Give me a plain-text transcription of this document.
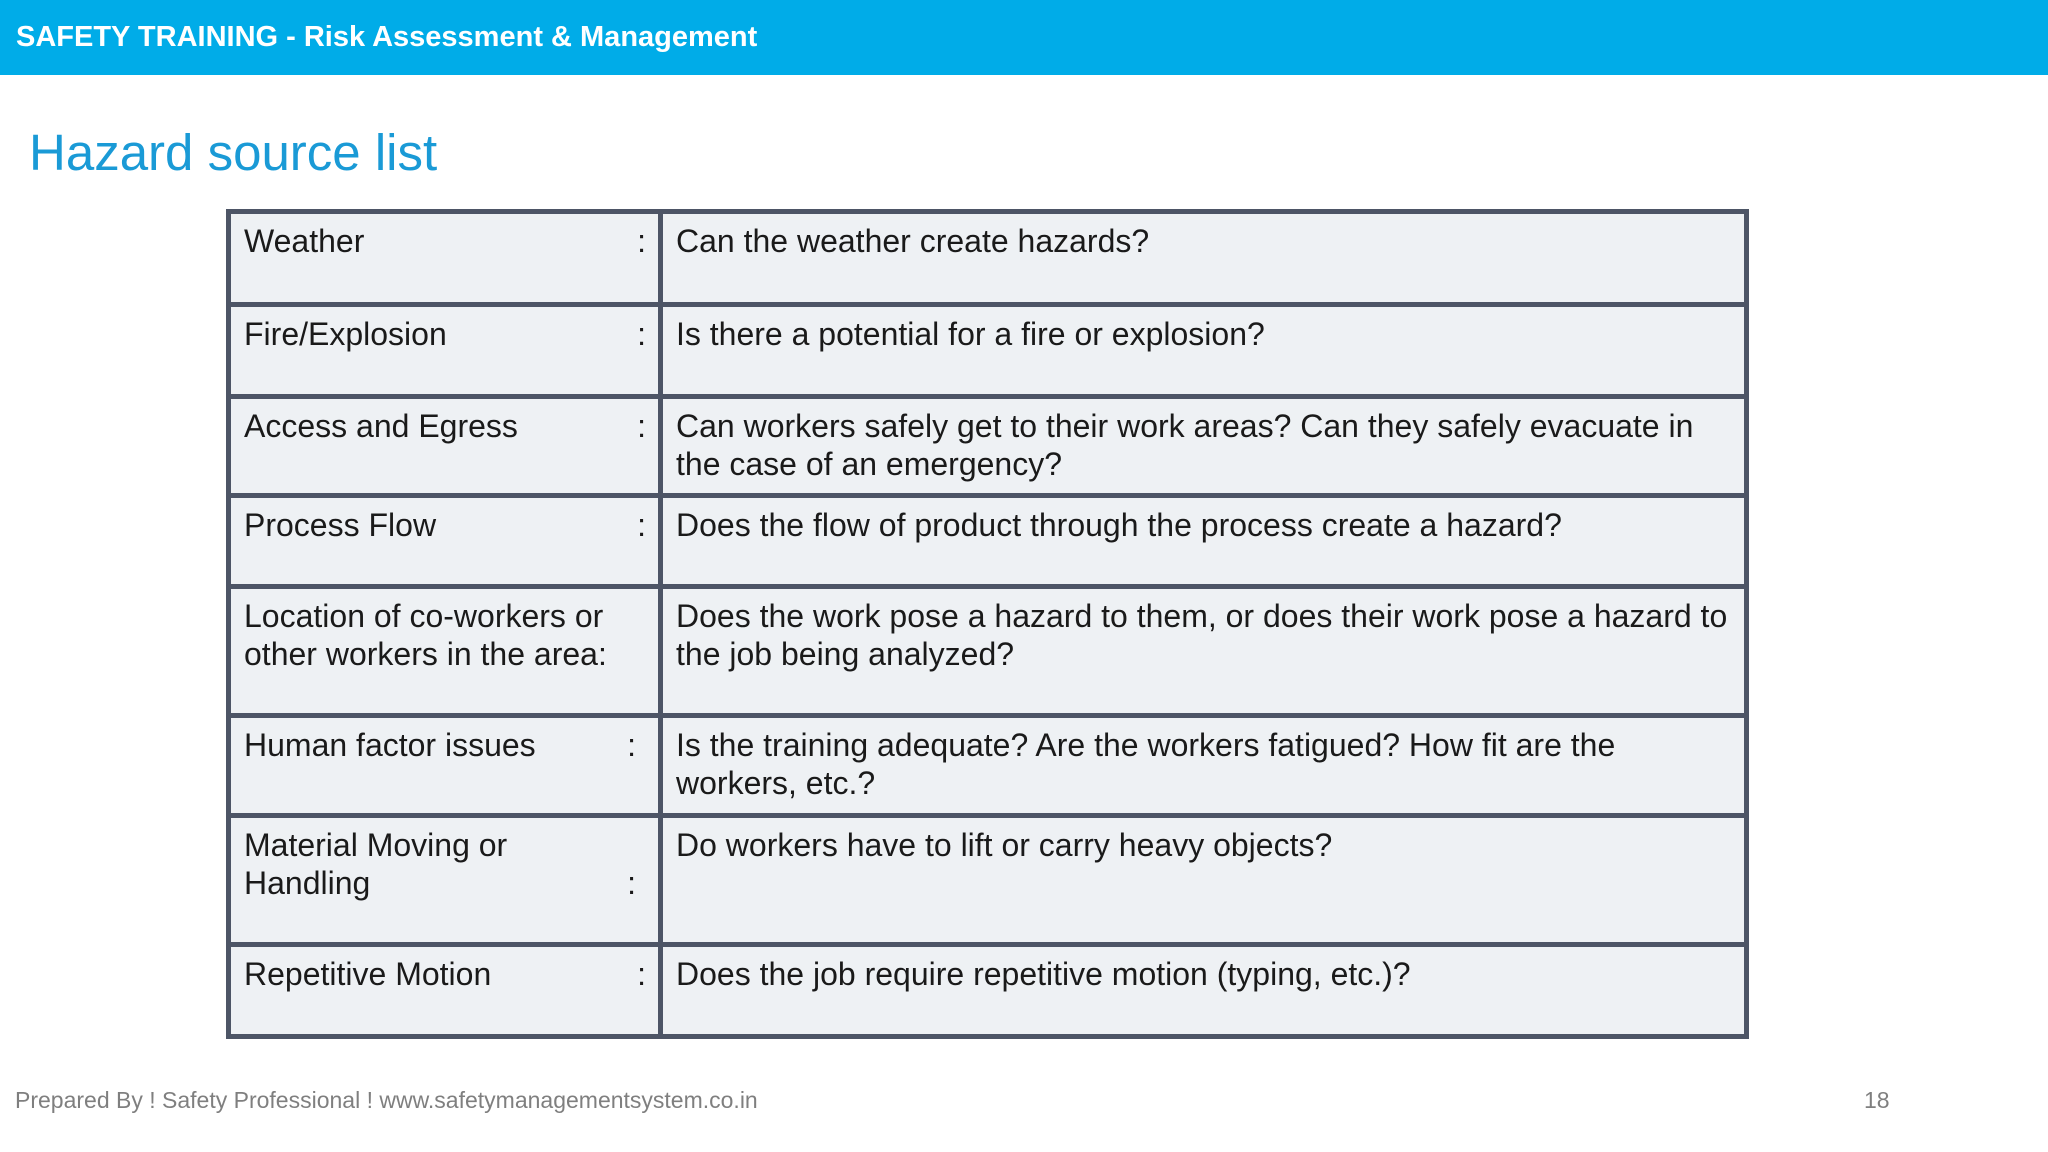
SAFETY TRAINING - Risk Assessment & Management
Hazard source list
Weather :	Can the weather create hazards?

Fire/Explosion :	Is there a potential for a fire or explosion?

Access and Egress :	Can workers safely get to their work areas? Can they safely evacuate in the case of an emergency?

Process Flow :	Does the flow of product through the process create a hazard?

Location of co-workers or other workers in the area:	Does the work pose a hazard to them, or does their work pose a hazard to the job being analyzed?

Human factor issues :	Is the training adequate? Are the workers fatigued? How fit are the workers, etc.?

Material Moving or Handling :	Do workers have to lift or carry heavy objects?

Repetitive Motion :	Does the job require repetitive motion (typing, etc.)?
Prepared By ! Safety Professional ! www.safetymanagementsystem.co.in	18
